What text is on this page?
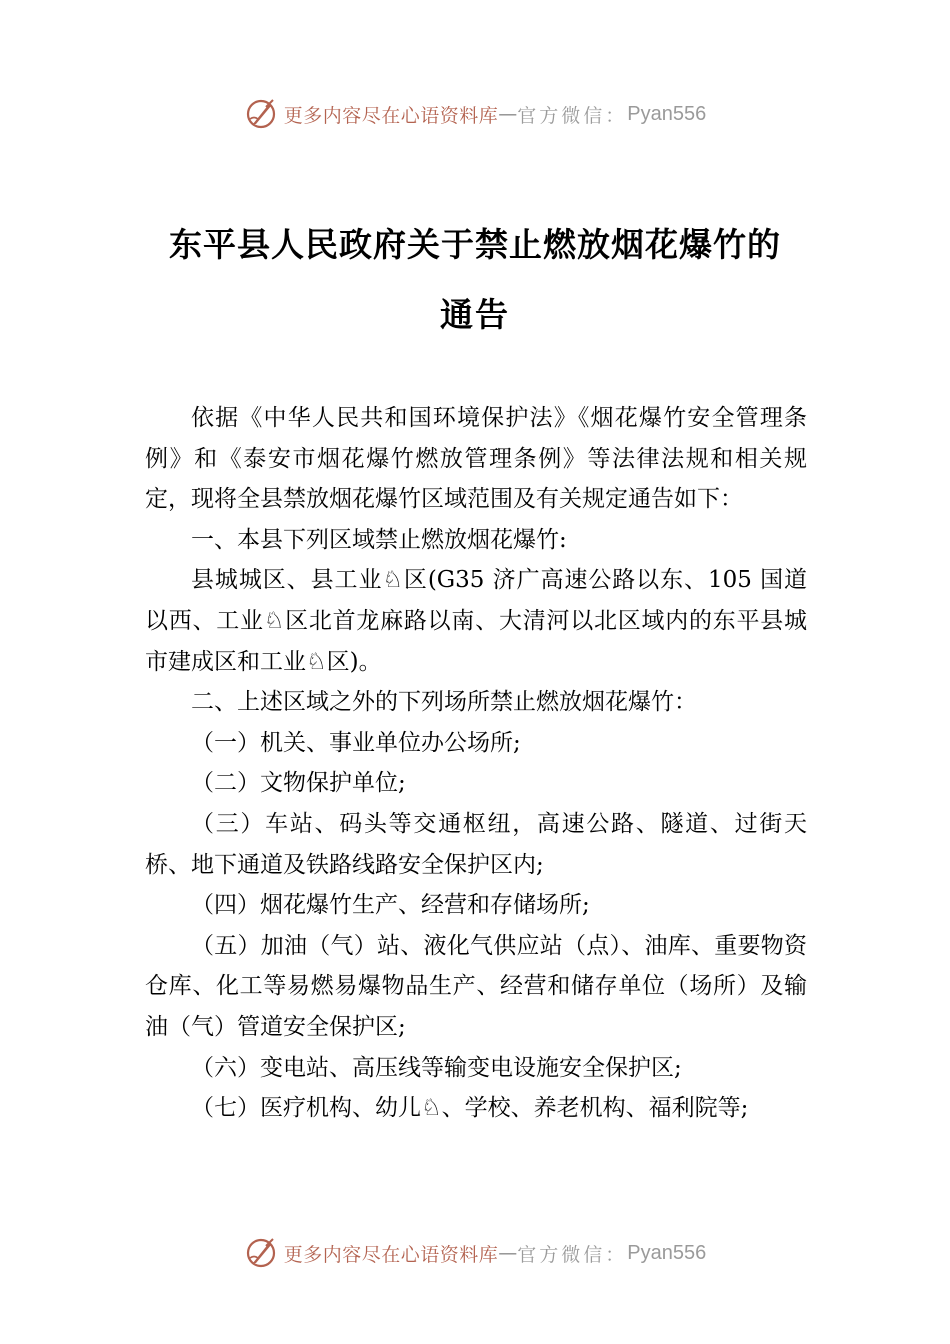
更多内容尽在心语资料库 — 官方微信： Pyan556
东平县人民政府关于禁止燃放烟花爆竹的
通告

依据《中华人民共和国环境保护法》《烟花爆竹安全管理条例》和《泰安市烟花爆竹燃放管理条例》等法律法规和相关规定，现将全县禁放烟花爆竹区域范围及有关规定通告如下：

一、本县下列区域禁止燃放烟花爆竹:

县城城区、县工业♘区(G35 济广高速公路以东、105 国道以西、工业♘区北首龙麻路以南、大清河以北区域内的东平县城市建成区和工业♘区)。

二、上述区域之外的下列场所禁止燃放烟花爆竹：

（一）机关、事业单位办公场所;

（二）文物保护单位;

（三）车站、码头等交通枢纽，高速公路、隧道、过街天桥、地下通道及铁路线路安全保护区内;

（四）烟花爆竹生产、经营和存储场所;

（五）加油（气）站、液化气供应站（点）、油库、重要物资仓库、化工等易燃易爆物品生产、经营和储存单位（场所）及输油（气）管道安全保护区;

（六）变电站、高压线等输变电设施安全保护区;

（七）医疗机构、幼儿♘、学校、养老机构、福利院等;

更多内容尽在心语资料库 — 官方微信： Pyan556
